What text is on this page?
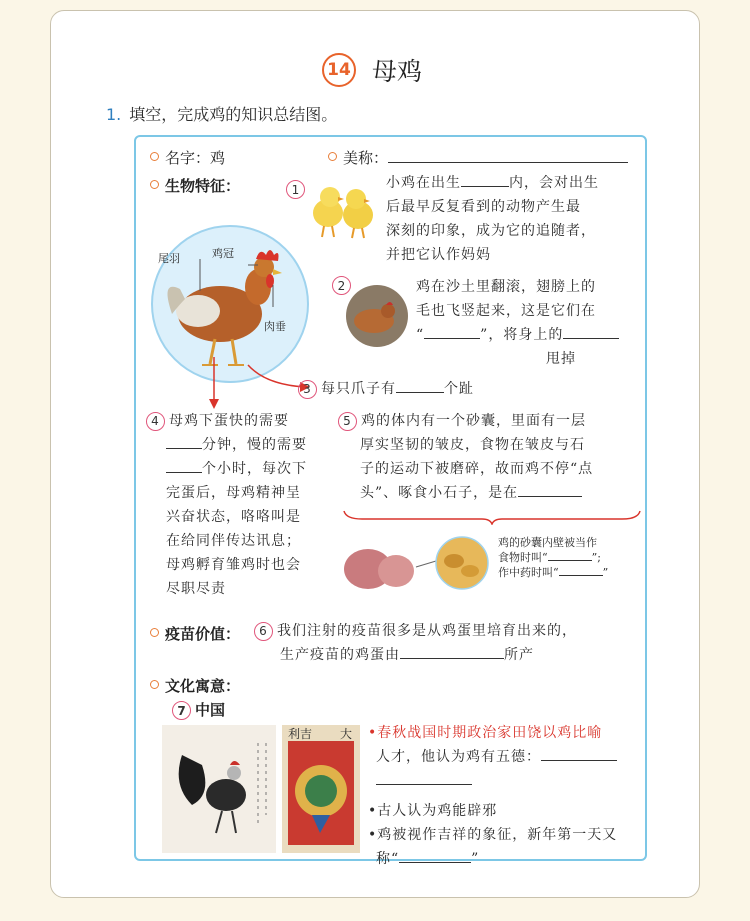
14 母鸡
1. 填空，完成鸡的知识总结图。
名字：鸡	美称：
生物特征：
尾羽	鸡冠
肉垂
1	小鸡在出生	内，会对出生
后最早反复看到的动物产生最
深刻的印象，成为它的追随者，
并把它认作妈妈
2	鸡在沙土里翻滚，翅膀上的
毛也飞竖起来，这是它们在
“	”，将身上的
甩掉
3 每只爪子有	个趾
4 母鸡下蛋快的需要
分钟，慢的需要
个小时，每次下
完蛋后，母鸡精神呈
兴奋状态，咯咯叫是
在给同伴传达讯息；
母鸡孵育雏鸡时也会
尽职尽责
5 鸡的体内有一个砂囊，里面有一层
厚实坚韧的皱皮，食物在皱皮与石
子的运动下被磨碎，故而鸡不停“点
头”、啄食小石子，是在
鸡的砂囊内壁被当作
食物时叫“	”;
作中药时叫“	”
疫苗价值：	6 我们注射的疫苗很多是从鸡蛋里培育出来的，
生产疫苗的鸡蛋由	所产
文化寓意：
7 中国
利吉 大 •春秋战国时期政治家田饶以鸡比喻
人才，他认为鸡有五德：
•古人认为鸡能辟邪
•鸡被视作吉祥的象征，新年第一天又
称“	”
